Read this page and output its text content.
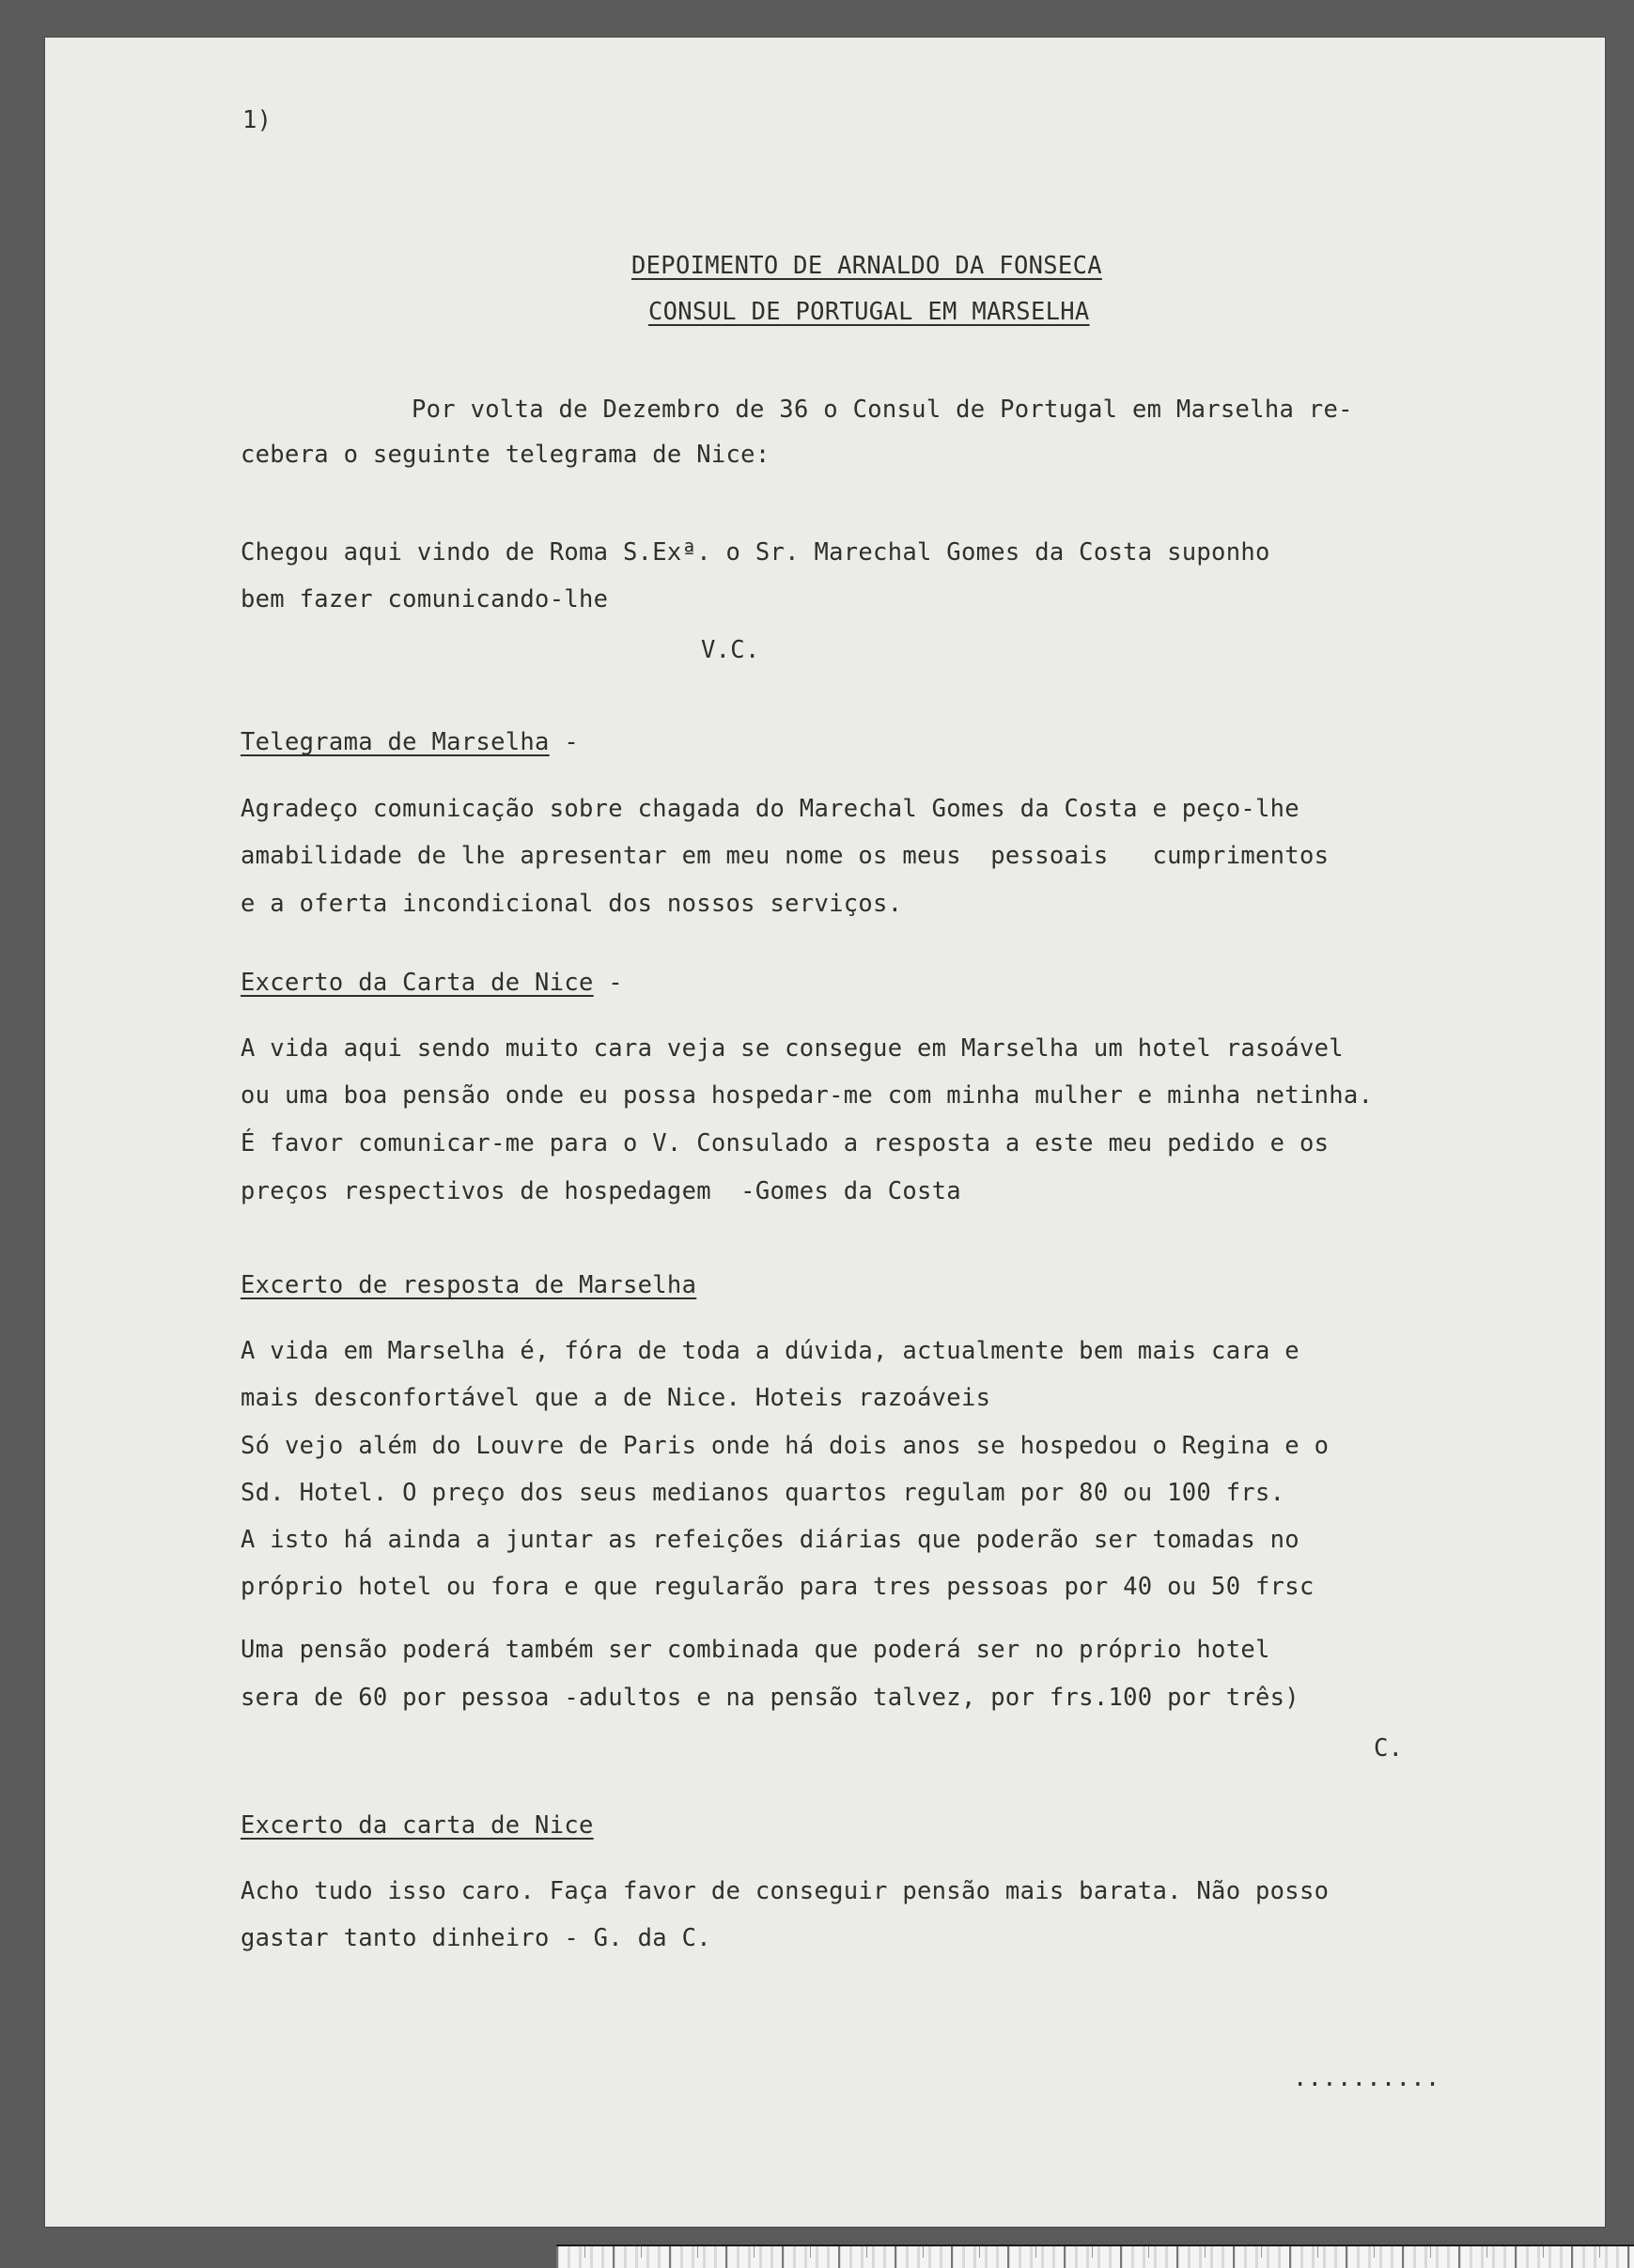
1)
DEPOIMENTO DE ARNALDO DA FONSECA
CONSUL DE PORTUGAL EM MARSELHA
Por volta de Dezembro de 36 o Consul de Portugal em Marselha re-
cebera o seguinte telegrama de Nice:
Chegou aqui vindo de Roma S.Exª. o Sr. Marechal Gomes da Costa suponho
bem fazer comunicando-lhe
V.C.
Telegrama de Marselha -
Agradeço comunicação sobre chagada do Marechal Gomes da Costa e peço-lhe
amabilidade de lhe apresentar em meu nome os meus  pessoais   cumprimentos
e a oferta incondicional dos nossos serviços.
Excerto da Carta de Nice -
A vida aqui sendo muito cara veja se consegue em Marselha um hotel rasoável
ou uma boa pensão onde eu possa hospedar-me com minha mulher e minha netinha.
É favor comunicar-me para o V. Consulado a resposta a este meu pedido e os
preços respectivos de hospedagem  -Gomes da Costa
Excerto de resposta de Marselha
A vida em Marselha é, fóra de toda a dúvida, actualmente bem mais cara e
mais desconfortável que a de Nice. Hoteis razoáveis
Só vejo além do Louvre de Paris onde há dois anos se hospedou o Regina e o
Sd. Hotel. O preço dos seus medianos quartos regulam por 80 ou 100 frs.
A isto há ainda a juntar as refeições diárias que poderão ser tomadas no
próprio hotel ou fora e que regularão para tres pessoas por 40 ou 50 frsc
Uma pensão poderá também ser combinada que poderá ser no próprio hotel
sera de 60 por pessoa -adultos e na pensão talvez, por frs.100 por três)
C.
Excerto da carta de Nice
Acho tudo isso caro. Faça favor de conseguir pensão mais barata. Não posso
gastar tanto dinheiro - G. da C.
..........
